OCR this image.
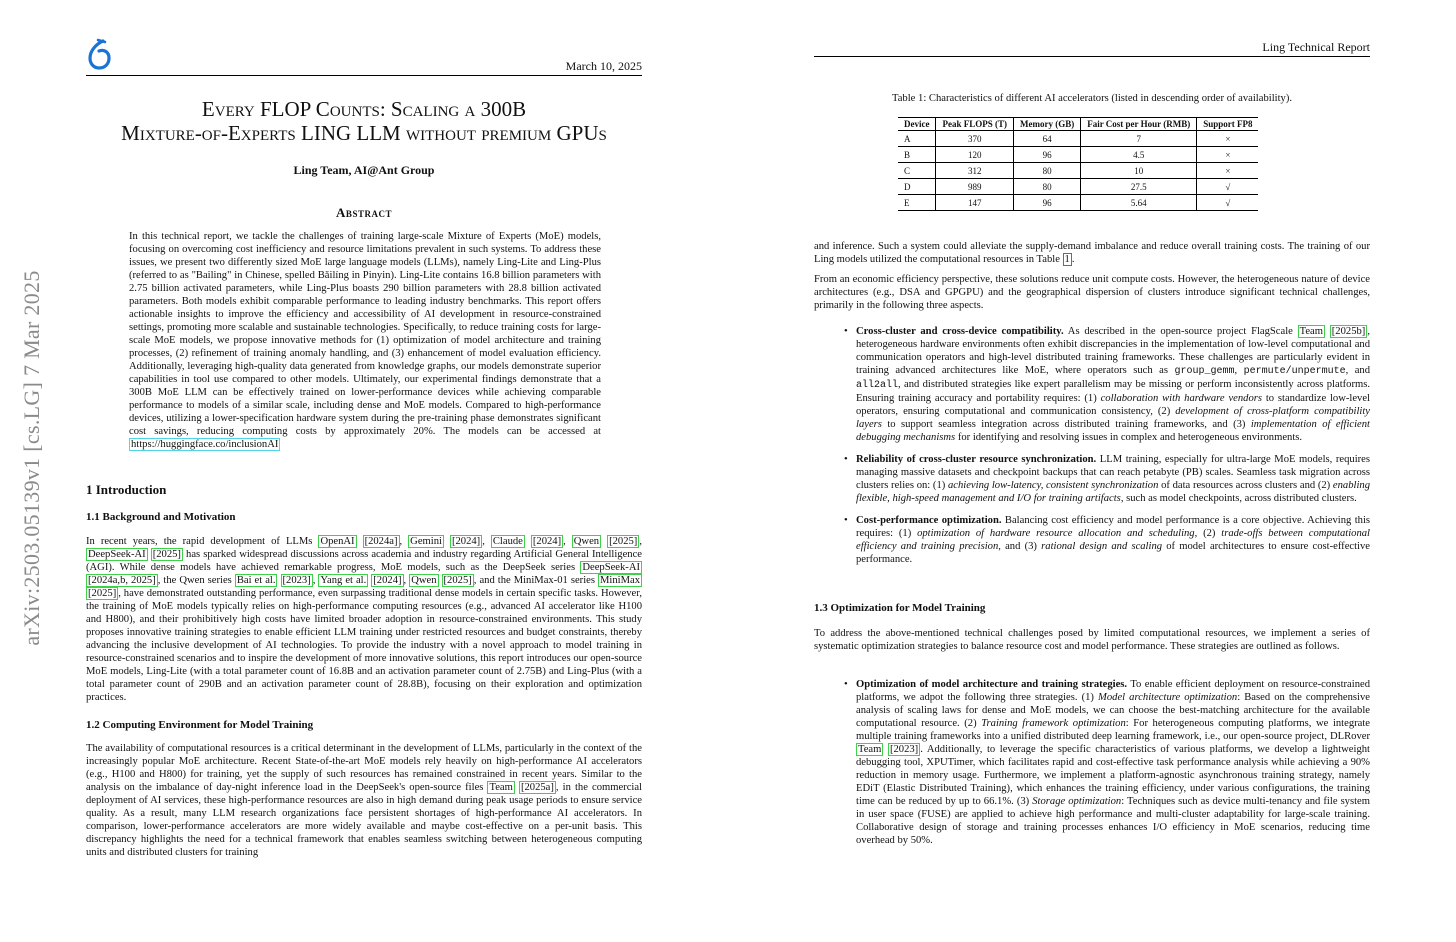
arXiv:2503.05139v1 [cs.LG] 7 Mar 2025
March 10, 2025
Every FLOP Counts: Scaling a 300B
Mixture-of-Experts LING LLM without premium GPUs
Ling Team, AI@Ant Group
Abstract
In this technical report, we tackle the challenges of training large-scale Mixture of Experts (MoE) models, focusing on overcoming cost inefficiency and resource limitations prevalent in such systems. To address these issues, we present two differently sized MoE large language models (LLMs), namely Ling-Lite and Ling-Plus (referred to as "Bailing" in Chinese, spelled Bǎilíng in Pinyin). Ling-Lite contains 16.8 billion parameters with 2.75 billion activated parameters, while Ling-Plus boasts 290 billion parameters with 28.8 billion activated parameters. Both models exhibit comparable performance to leading industry benchmarks. This report offers actionable insights to improve the efficiency and accessibility of AI development in resource-constrained settings, promoting more scalable and sustainable technologies. Specifically, to reduce training costs for large-scale MoE models, we propose innovative methods for (1) optimization of model architecture and training processes, (2) refinement of training anomaly handling, and (3) enhancement of model evaluation efficiency. Additionally, leveraging high-quality data generated from knowledge graphs, our models demonstrate superior capabilities in tool use compared to other models. Ultimately, our experimental findings demonstrate that a 300B MoE LLM can be effectively trained on lower-performance devices while achieving comparable performance to models of a similar scale, including dense and MoE models. Compared to high-performance devices, utilizing a lower-specification hardware system during the pre-training phase demonstrates significant cost savings, reducing computing costs by approximately 20%. The models can be accessed at https://huggingface.co/inclusionAI
1 Introduction
1.1 Background and Motivation
In recent years, the rapid development of LLMs OpenAI [2024a] , Gemini [2024] , Claude [2024] , Qwen [2025] , DeepSeek-AI [2025] has sparked widespread discussions across academia and industry regarding Artificial General Intelligence (AGI). While dense models have achieved remarkable progress, MoE models, such as the DeepSeek series DeepSeek-AI [2024a,b, 2025] , the Qwen series Bai et al. [2023] , Yang et al. [2024] , Qwen [2025] , and the MiniMax-01 series MiniMax [2025] , have demonstrated outstanding performance, even surpassing traditional dense models in certain specific tasks. However, the training of MoE models typically relies on high-performance computing resources (e.g., advanced AI accelerator like H100 and H800), and their prohibitively high costs have limited broader adoption in resource-constrained environments. This study proposes innovative training strategies to enable efficient LLM training under restricted resources and budget constraints, thereby advancing the inclusive development of AI technologies. To provide the industry with a novel approach to model training in resource-constrained scenarios and to inspire the development of more innovative solutions, this report introduces our open-source MoE models, Ling-Lite (with a total parameter count of 16.8B and an activation parameter count of 2.75B) and Ling-Plus (with a total parameter count of 290B and an activation parameter count of 28.8B), focusing on their exploration and optimization practices.
1.2 Computing Environment for Model Training
The availability of computational resources is a critical determinant in the development of LLMs, particularly in the context of the increasingly popular MoE architecture. Recent State-of-the-art MoE models rely heavily on high-performance AI accelerators (e.g., H100 and H800) for training, yet the supply of such resources has remained constrained in recent years. Similar to the analysis on the imbalance of day-night inference load in the DeepSeek's open-source files Team [2025a] , in the commercial deployment of AI services, these high-performance resources are also in high demand during peak usage periods to ensure service quality. As a result, many LLM research organizations face persistent shortages of high-performance AI accelerators. In comparison, lower-performance accelerators are more widely available and maybe cost-effective on a per-unit basis. This discrepancy highlights the need for a technical framework that enables seamless switching between heterogeneous computing units and distributed clusters for training
Ling Technical Report
Table 1: Characteristics of different AI accelerators (listed in descending order of availability).
Device	Peak FLOPS (T)	Memory (GB)	Fair Cost per Hour (RMB)	Support FP8
A	370	64	7	×
B	120	96	4.5	×
C	312	80	10	×
D	989	80	27.5	√
E	147	96	5.64	√
and inference. Such a system could alleviate the supply-demand imbalance and reduce overall training costs. The training of our Ling models utilized the computational resources in Table 1 .
From an economic efficiency perspective, these solutions reduce unit compute costs. However, the heterogeneous nature of device architectures (e.g., DSA and GPGPU) and the geographical dispersion of clusters introduce significant technical challenges, primarily in the following three aspects.
• Cross-cluster and cross-device compatibility. As described in the open-source project FlagScale Team [2025b] , heterogeneous hardware environments often exhibit discrepancies in the implementation of low-level computational and communication operators and high-level distributed training frameworks. These challenges are particularly evident in training advanced architectures like MoE, where operators such as group_gemm, permute/unpermute, and all2all, and distributed strategies like expert parallelism may be missing or perform inconsistently across platforms. Ensuring training accuracy and portability requires: (1) collaboration with hardware vendors to standardize low-level operators, ensuring computational and communication consistency, (2) development of cross-platform compatibility layers to support seamless integration across distributed training frameworks, and (3) implementation of efficient debugging mechanisms for identifying and resolving issues in complex and heterogeneous environments.
• Reliability of cross-cluster resource synchronization. LLM training, especially for ultra-large MoE models, requires managing massive datasets and checkpoint backups that can reach petabyte (PB) scales. Seamless task migration across clusters relies on: (1) achieving low-latency, consistent synchronization of data resources across clusters and (2) enabling flexible, high-speed management and I/O for training artifacts, such as model checkpoints, across distributed clusters.
• Cost-performance optimization. Balancing cost efficiency and model performance is a core objective. Achieving this requires: (1) optimization of hardware resource allocation and scheduling, (2) trade-offs between computational efficiency and training precision, and (3) rational design and scaling of model architectures to ensure cost-effective performance.
1.3 Optimization for Model Training
To address the above-mentioned technical challenges posed by limited computational resources, we implement a series of systematic optimization strategies to balance resource cost and model performance. These strategies are outlined as follows.
• Optimization of model architecture and training strategies. To enable efficient deployment on resource-constrained platforms, we adpot the following three strategies. (1) Model architecture optimization: Based on the comprehensive analysis of scaling laws for dense and MoE models, we can choose the best-matching architecture for the available computational resource. (2) Training framework optimization: For heterogeneous computing platforms, we integrate multiple training frameworks into a unified distributed deep learning framework, i.e., our open-source project, DLRover Team [2023] . Additionally, to leverage the specific characteristics of various platforms, we develop a lightweight debugging tool, XPUTimer, which facilitates rapid and cost-effective task performance analysis while achieving a 90% reduction in memory usage. Furthermore, we implement a platform-agnostic asynchronous training strategy, namely EDiT (Elastic Distributed Training), which enhances the training efficiency, under various configurations, the training time can be reduced by up to 66.1%. (3) Storage optimization: Techniques such as device multi-tenancy and file system in user space (FUSE) are applied to achieve high performance and multi-cluster adaptability for large-scale training. Collaborative design of storage and training processes enhances I/O efficiency in MoE scenarios, reducing time overhead by 50%.
